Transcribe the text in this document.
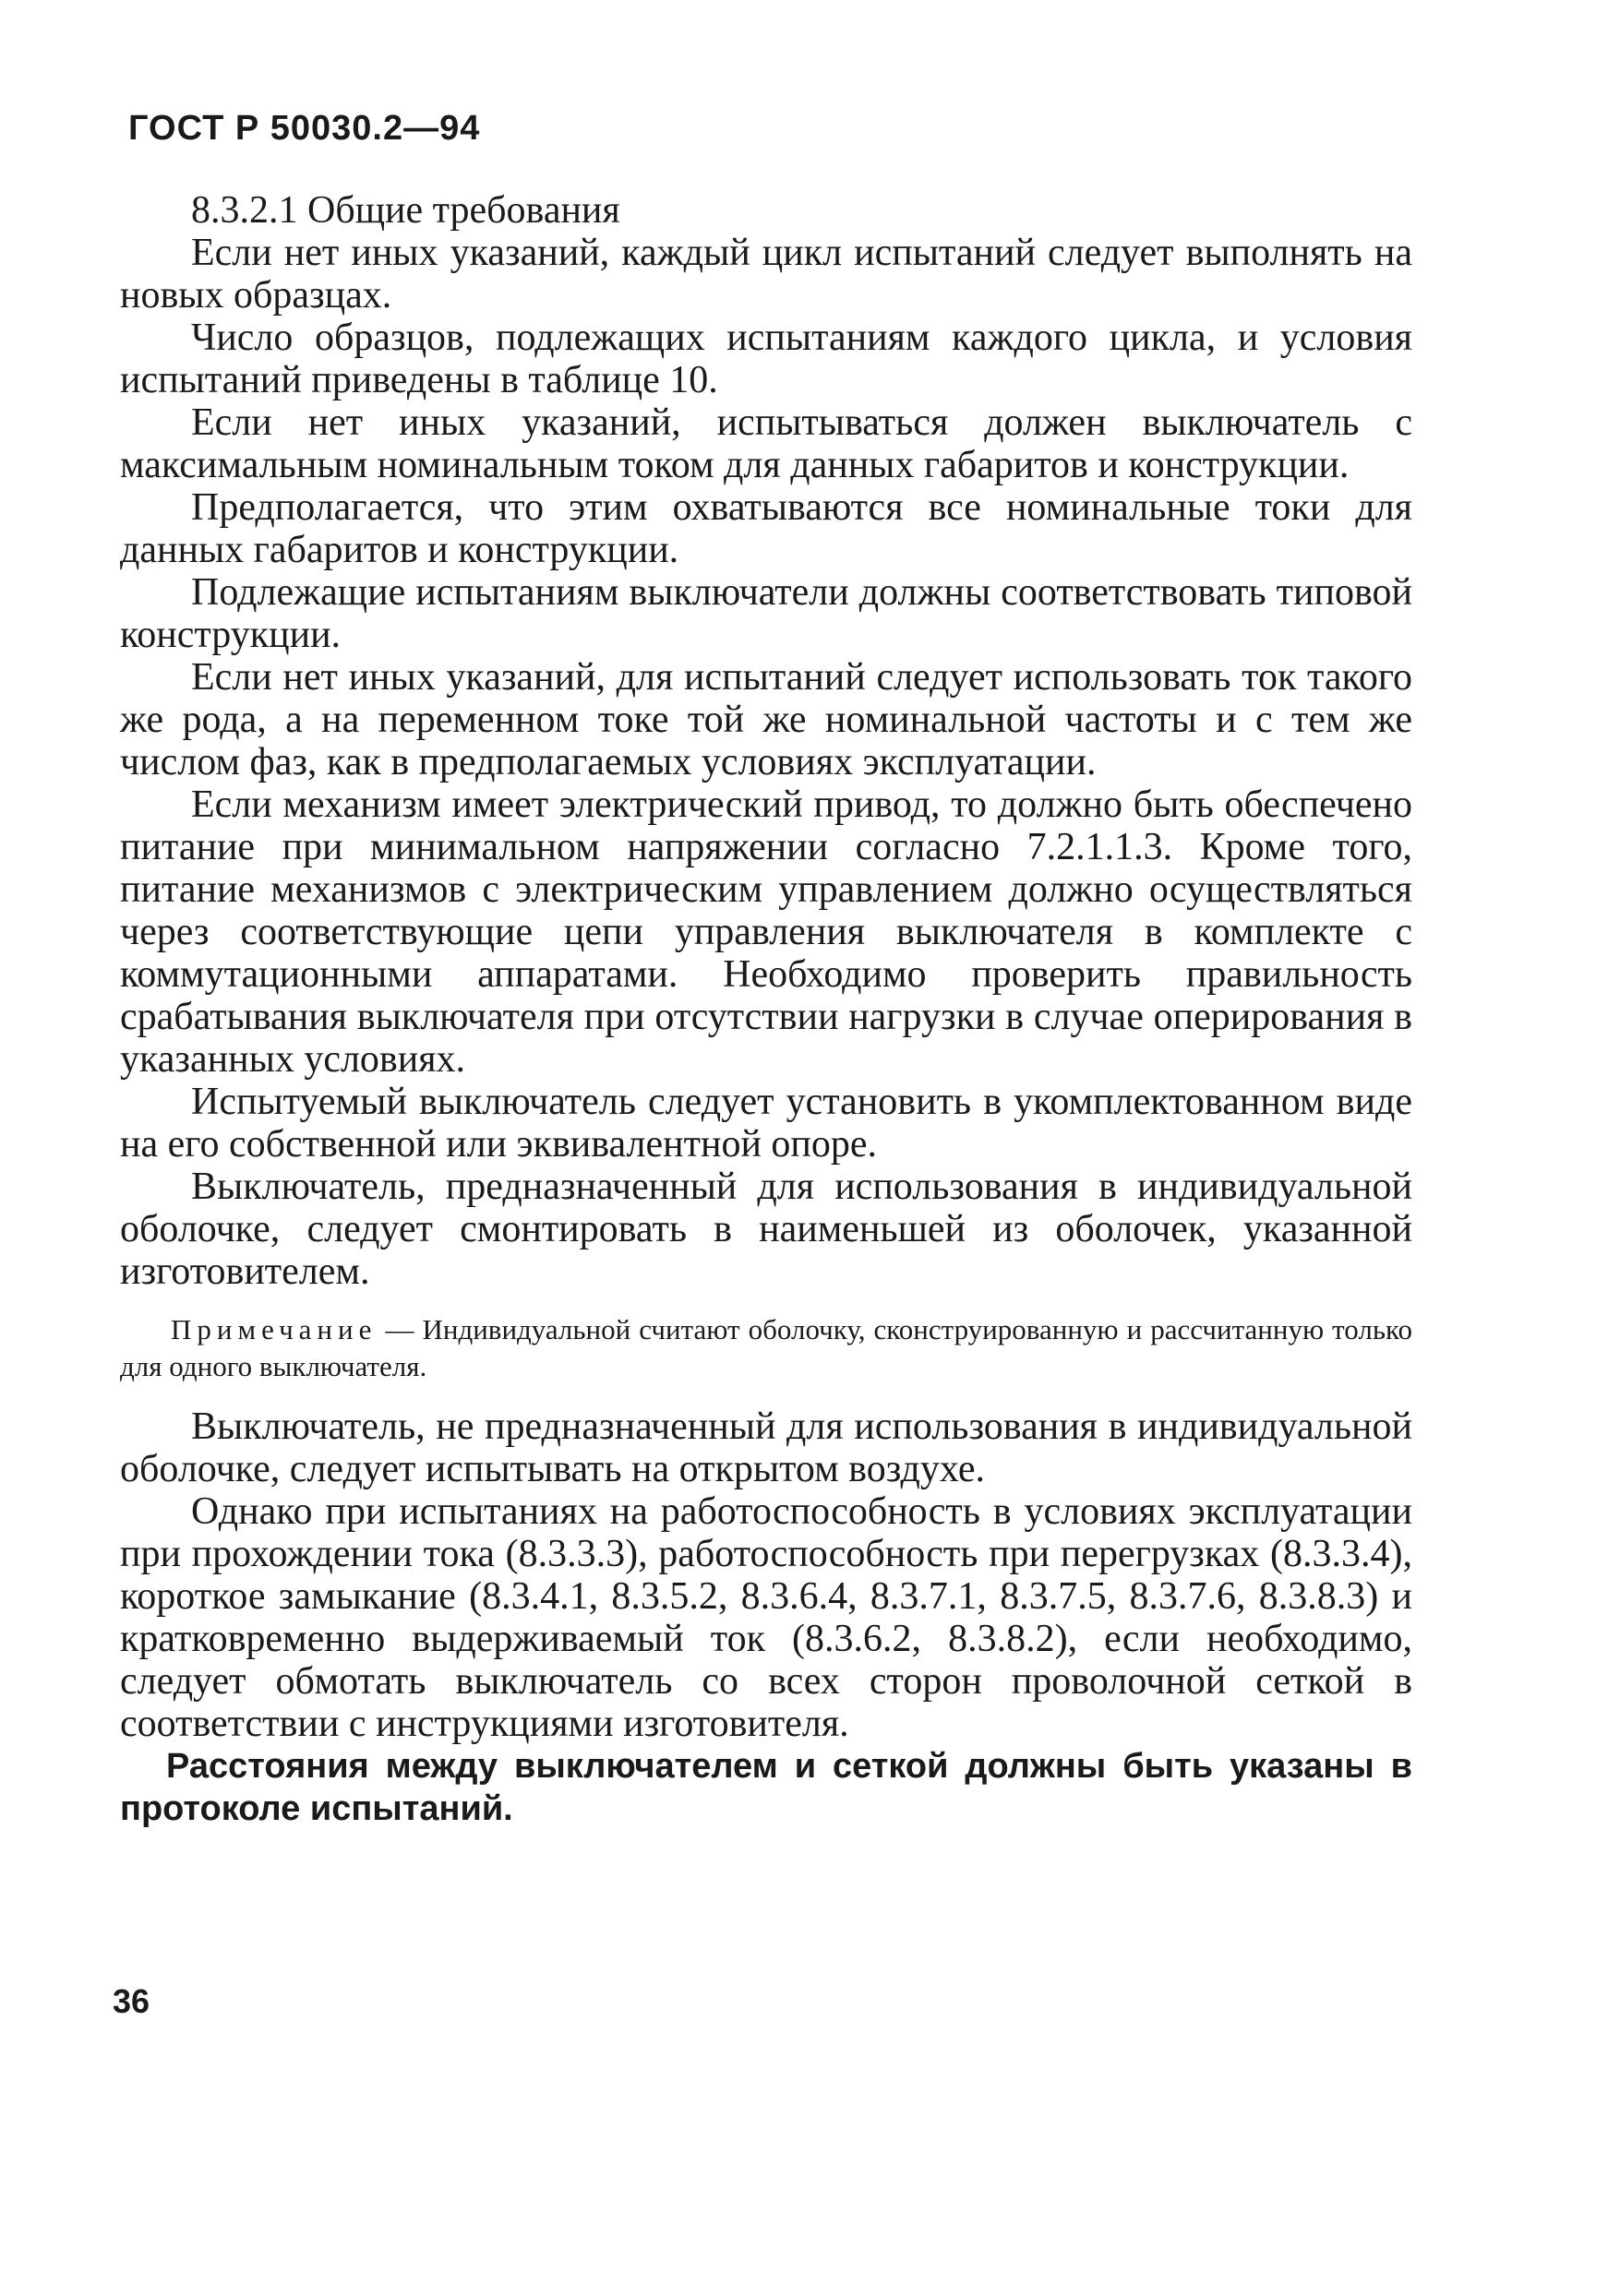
ГОСТ Р 50030.2—94

8.3.2.1 Общие требования

Если нет иных указаний, каждый цикл испытаний следует выполнять на новых образцах.

Число образцов, подлежащих испытаниям каждого цикла, и условия испытаний приведены в таблице 10.

Если нет иных указаний, испытываться должен выключатель с максимальным номинальным током для данных габаритов и конструкции.

Предполагается, что этим охватываются все номинальные токи для данных габаритов и конструкции.

Подлежащие испытаниям выключатели должны соответствовать типовой конструкции.

Если нет иных указаний, для испытаний следует использовать ток такого же рода, а на переменном токе той же номинальной частоты и с тем же числом фаз, как в предполагаемых условиях эксплуатации.

Если механизм имеет электрический привод, то должно быть обеспечено питание при минимальном напряжении согласно 7.2.1.1.3. Кроме того, питание механизмов с электрическим управлением должно осуществляться через соответствующие цепи управления выключателя в комплекте с коммутационными аппаратами. Необходимо проверить правильность срабатывания выключателя при отсутствии нагрузки в случае оперирования в указанных условиях.

Испытуемый выключатель следует установить в укомплектованном виде на его собственной или эквивалентной опоре.

Выключатель, предназначенный для использования в индивидуальной оболочке, следует смонтировать в наименьшей из оболочек, указанной изготовителем.

Примечание — Индивидуальной считают оболочку, сконструированную и рассчитанную только для одного выключателя.

Выключатель, не предназначенный для использования в индивидуальной оболочке, следует испытывать на открытом воздухе.

Однако при испытаниях на работоспособность в условиях эксплуатации при прохождении тока (8.3.3.3), работоспособность при перегрузках (8.3.3.4), короткое замыкание (8.3.4.1, 8.3.5.2, 8.3.6.4, 8.3.7.1, 8.3.7.5, 8.3.7.6, 8.3.8.3) и кратковременно выдерживаемый ток (8.3.6.2, 8.3.8.2), если необходимо, следует обмотать выключатель со всех сторон проволочной сеткой в соответствии с инструкциями изготовителя.

Расстояния между выключателем и сеткой должны быть указаны в протоколе испытаний.

36
